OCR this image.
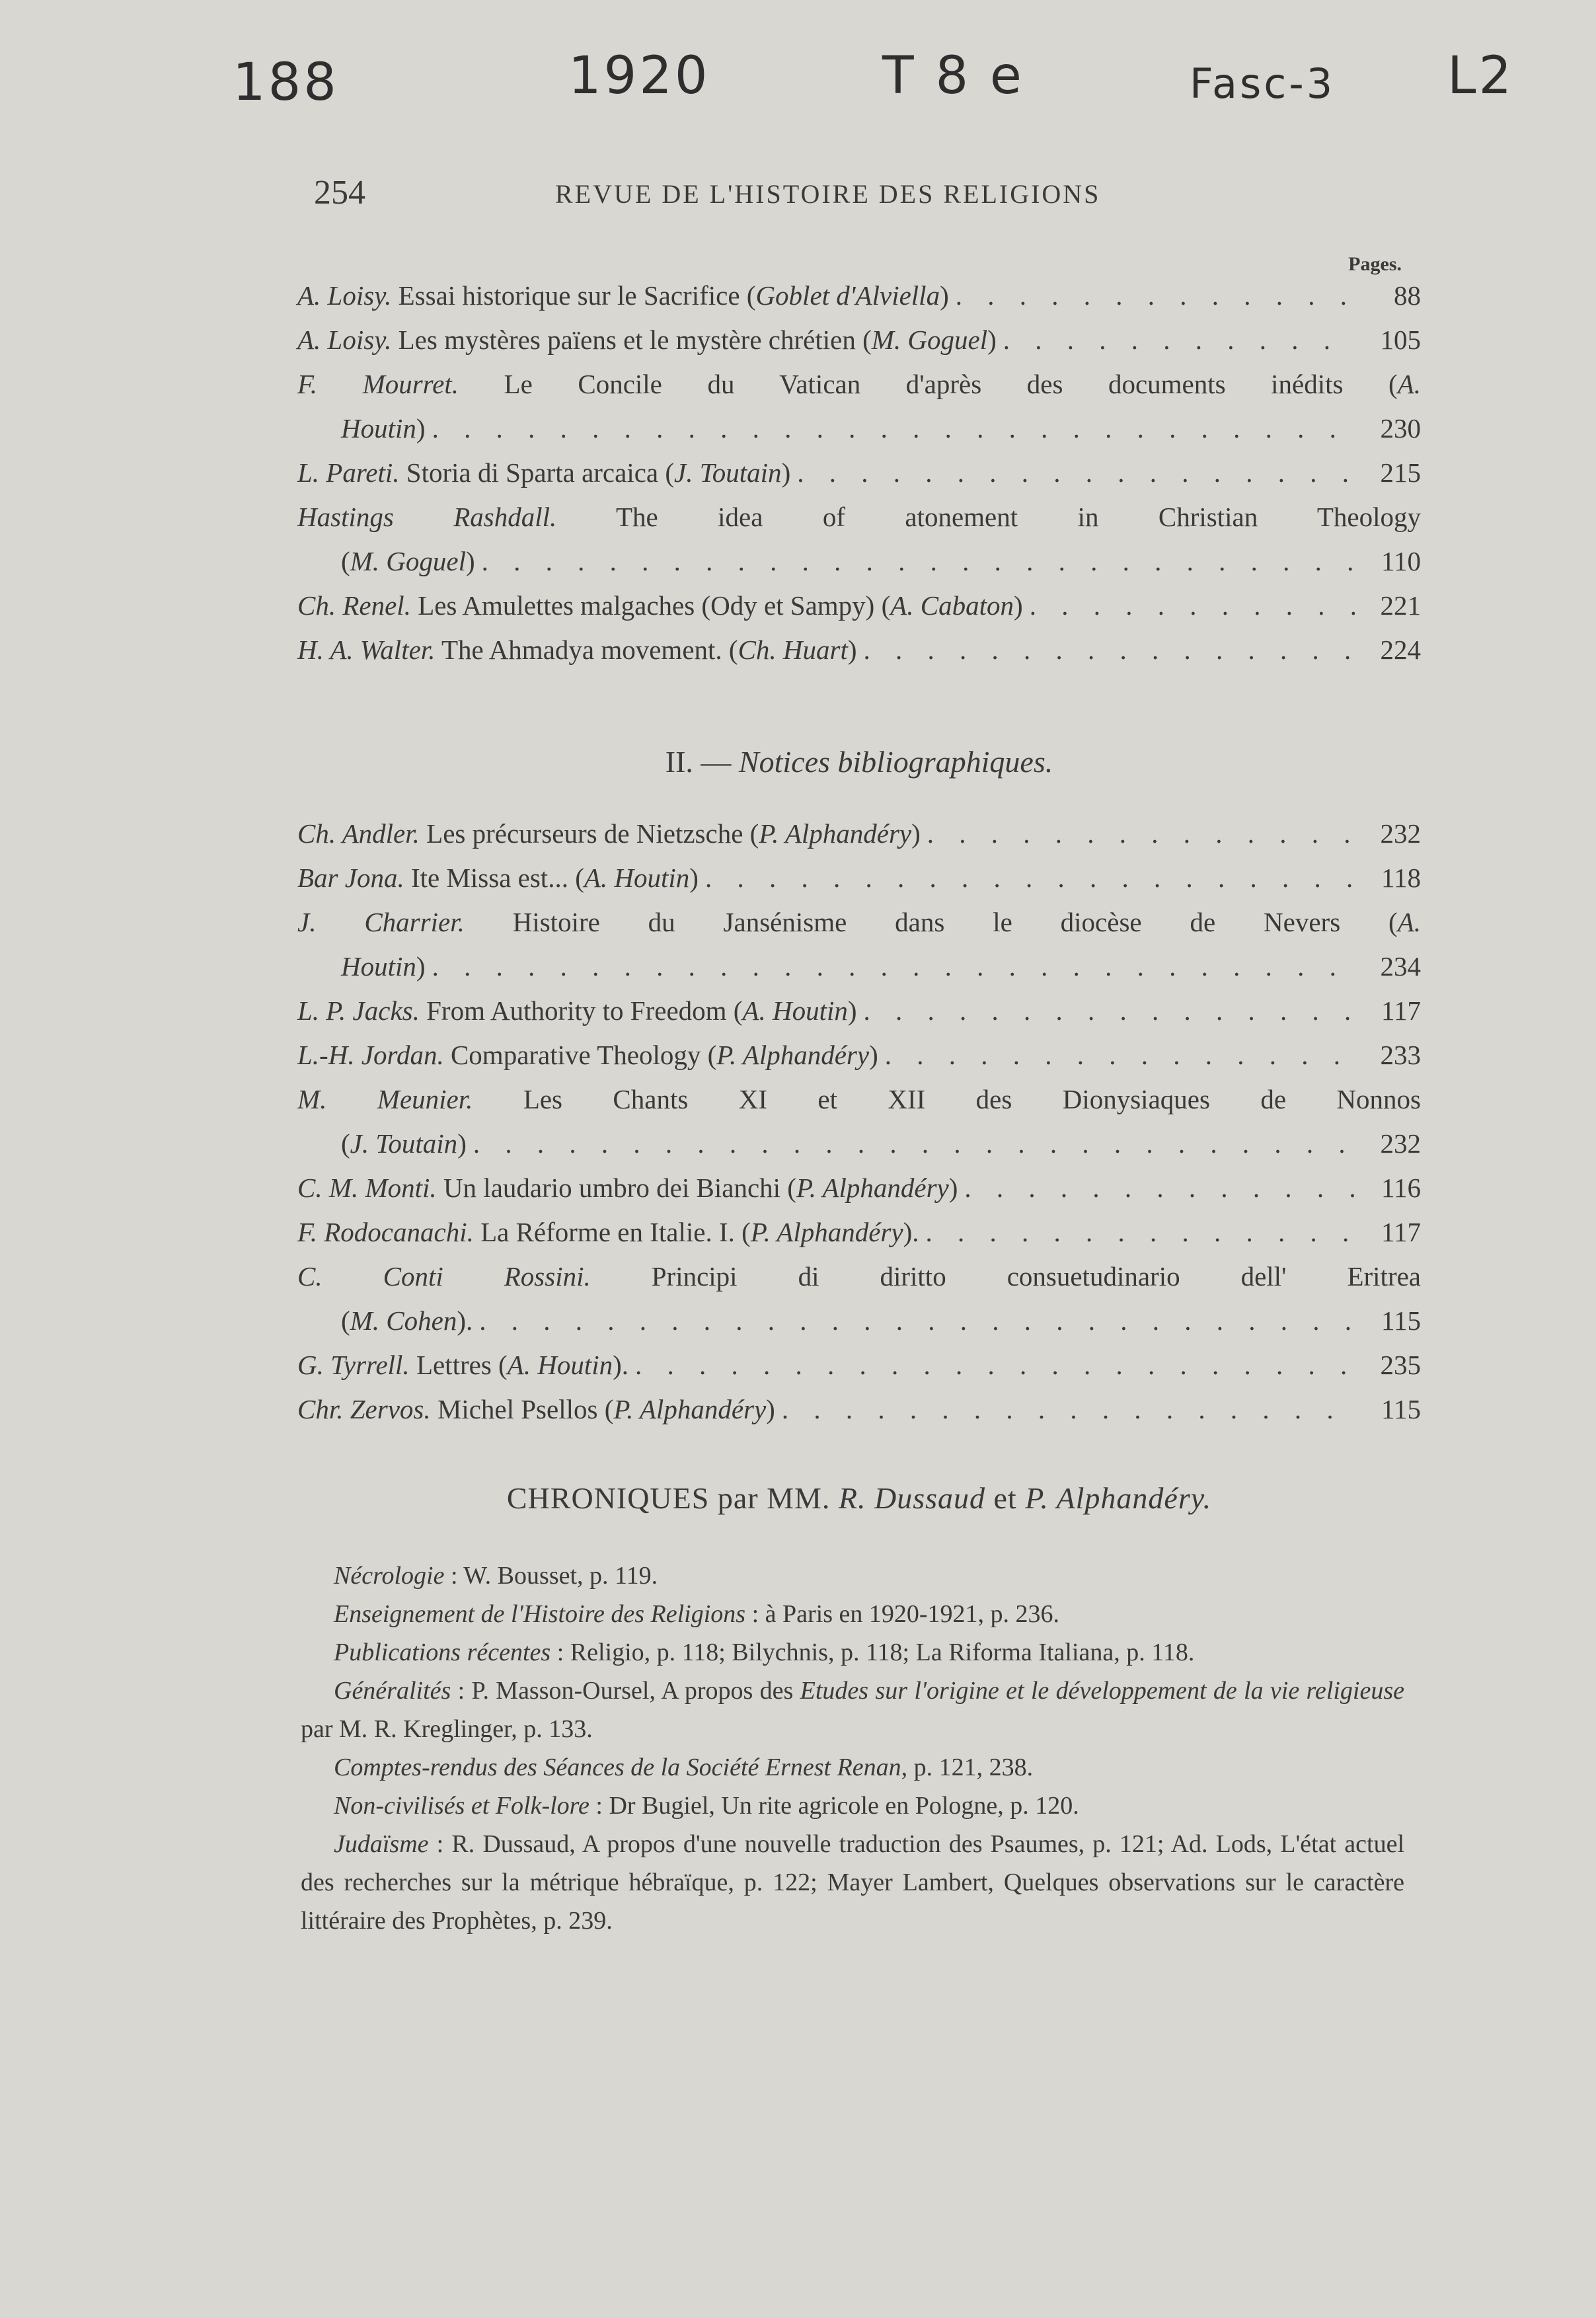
188	1920	T 8 e	Fasc-3 L2
254	REVUE DE L'HISTOIRE DES RELIGIONS
Pages.
A. Loisy. Essai historique sur le Sacrifice (Goblet d'Alviella) . . .	88
A. Loisy. Les mystères païens et le mystère chrétien (M. Goguel) . . .	105
F. Mourret. Le Concile du Vatican d'après des documents inédits (A.
Houtin) . . .	230
L. Pareti. Storia di Sparta arcaica (J. Toutain) . . .	215
Hastings Rashdall. The idea of atonement in Christian Theology
(M. Goguel) . . .	110
Ch. Renel. Les Amulettes malgaches (Ody et Sampy) (A. Cabaton) . . .	221
H. A. Walter. The Ahmadya movement. (Ch. Huart) . . .	224
II. — Notices bibliographiques.
Ch. Andler. Les précurseurs de Nietzsche (P. Alphandéry) . . .	232
Bar Jona. Ite Missa est... (A. Houtin) . . .	118
J. Charrier. Histoire du Jansénisme dans le diocèse de Nevers (A.
Houtin) . . .	234
L. P. Jacks. From Authority to Freedom (A. Houtin) . . .	117
L.-H. Jordan. Comparative Theology (P. Alphandéry) . . .	233
M. Meunier. Les Chants XI et XII des Dionysiaques de Nonnos
(J. Toutain) . . .	232
C. M. Monti. Un laudario umbro dei Bianchi (P. Alphandéry) . . .	116
F. Rodocanachi. La Réforme en Italie. I. (P. Alphandéry). . . .	117
C. Conti Rossini. Principi di diritto consuetudinario dell' Eritrea
(M. Cohen). . . .	115
G. Tyrrell. Lettres (A. Houtin). . . .	235
Chr. Zervos. Michel Psellos (P. Alphandéry) . . .	115
CHRONIQUES par MM. R. Dussaud et P. Alphandéry.

Nécrologie : W. Bousset, p. 119.

Enseignement de l'Histoire des Religions : à Paris en 1920-1921, p. 236.

Publications récentes : Religio, p. 118; Bilychnis, p. 118; La Riforma Italiana, p. 118.

Généralités : P. Masson-Oursel, A propos des Etudes sur l'origine et le développement de la vie religieuse par M. R. Kreglinger, p. 133.

Comptes-rendus des Séances de la Société Ernest Renan, p. 121, 238.

Non-civilisés et Folk-lore : Dr Bugiel, Un rite agricole en Pologne, p. 120.

Judaïsme : R. Dussaud, A propos d'une nouvelle traduction des Psaumes, p. 121; Ad. Lods, L'état actuel des recherches sur la métrique hébraïque, p. 122; Mayer Lambert, Quelques observations sur le caractère littéraire des Prophètes, p. 239.
